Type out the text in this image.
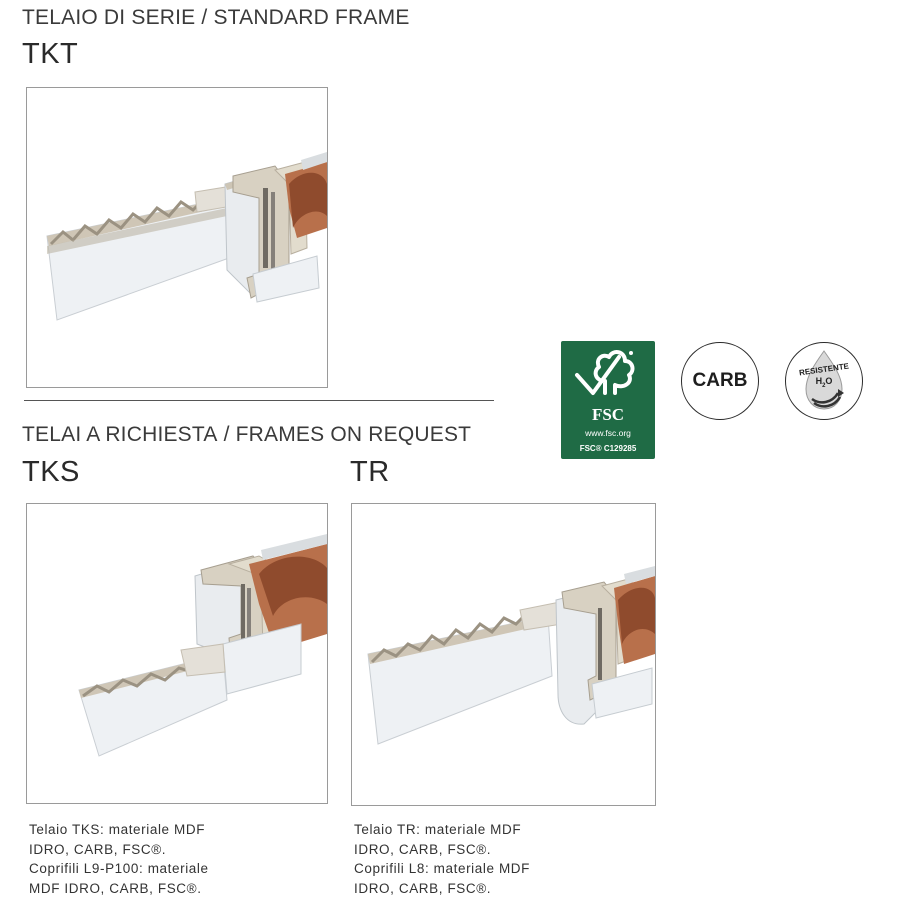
TELAIO DI SERIE / STANDARD FRAME
TKT
TELAI A RICHIESTA / FRAMES ON REQUEST
TKS	TR
Telaio TKS: materiale MDF
IDRO, CARB, FSC®.
Coprifili L9-P100: materiale
MDF IDRO, CARB, FSC®.
Telaio TR: materiale MDF
IDRO, CARB, FSC®.
Coprifili L8: materiale MDF
IDRO, CARB, FSC®.
FSC
www.fsc.org
FSC® C129285
CARB
RESISTENTE
$H_2O$
